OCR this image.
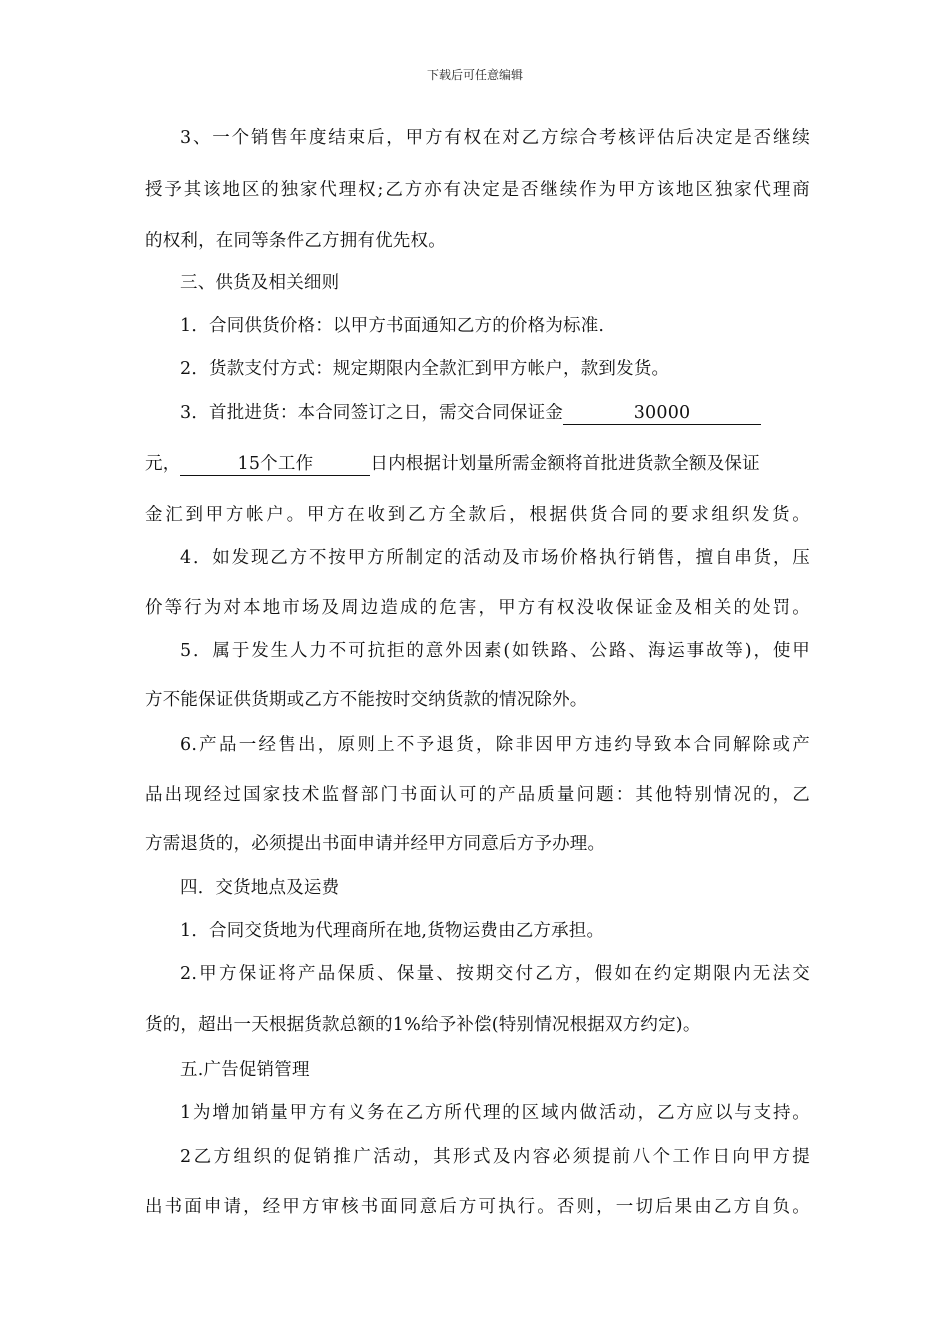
下载后可任意编辑
3、一个销售年度结束后，甲方有权在对乙方综合考核评估后决定是否继续
授予其该地区的独家代理权;乙方亦有决定是否继续作为甲方该地区独家代理商
的权利，在同等条件乙方拥有优先权。
三、供货及相关细则
1．合同供货价格：以甲方书面通知乙方的价格为标准.
2．货款支付方式：规定期限内全款汇到甲方帐户，款到发货。
3．首批进货：本合同签订之日，需交合同保证金	30000
元，	15个工作	日内根据计划量所需金额将首批进货款全额及保证
金汇到甲方帐户。甲方在收到乙方全款后，根据供货合同的要求组织发货。
4．如发现乙方不按甲方所制定的活动及市场价格执行销售，擅自串货，压
价等行为对本地市场及周边造成的危害，甲方有权没收保证金及相关的处罚。
5．属于发生人力不可抗拒的意外因素(如铁路、公路、海运事故等)，使甲
方不能保证供货期或乙方不能按时交纳货款的情况除外。
6.产品一经售出，原则上不予退货，除非因甲方违约导致本合同解除或产
品出现经过国家技术监督部门书面认可的产品质量问题：其他特别情况的，乙
方需退货的，必须提出书面申请并经甲方同意后方予办理。
四．交货地点及运费
1．合同交货地为代理商所在地,货物运费由乙方承担。
2.甲方保证将产品保质、保量、按期交付乙方，假如在约定期限内无法交
货的，超出一天根据货款总额的1%给予补偿(特别情况根据双方约定)。
五.广告促销管理
1为增加销量甲方有义务在乙方所代理的区域内做活动，乙方应以与支持。
2乙方组织的促销推广活动，其形式及内容必须提前八个工作日向甲方提
出书面申请，经甲方审核书面同意后方可执行。否则，一切后果由乙方自负。
